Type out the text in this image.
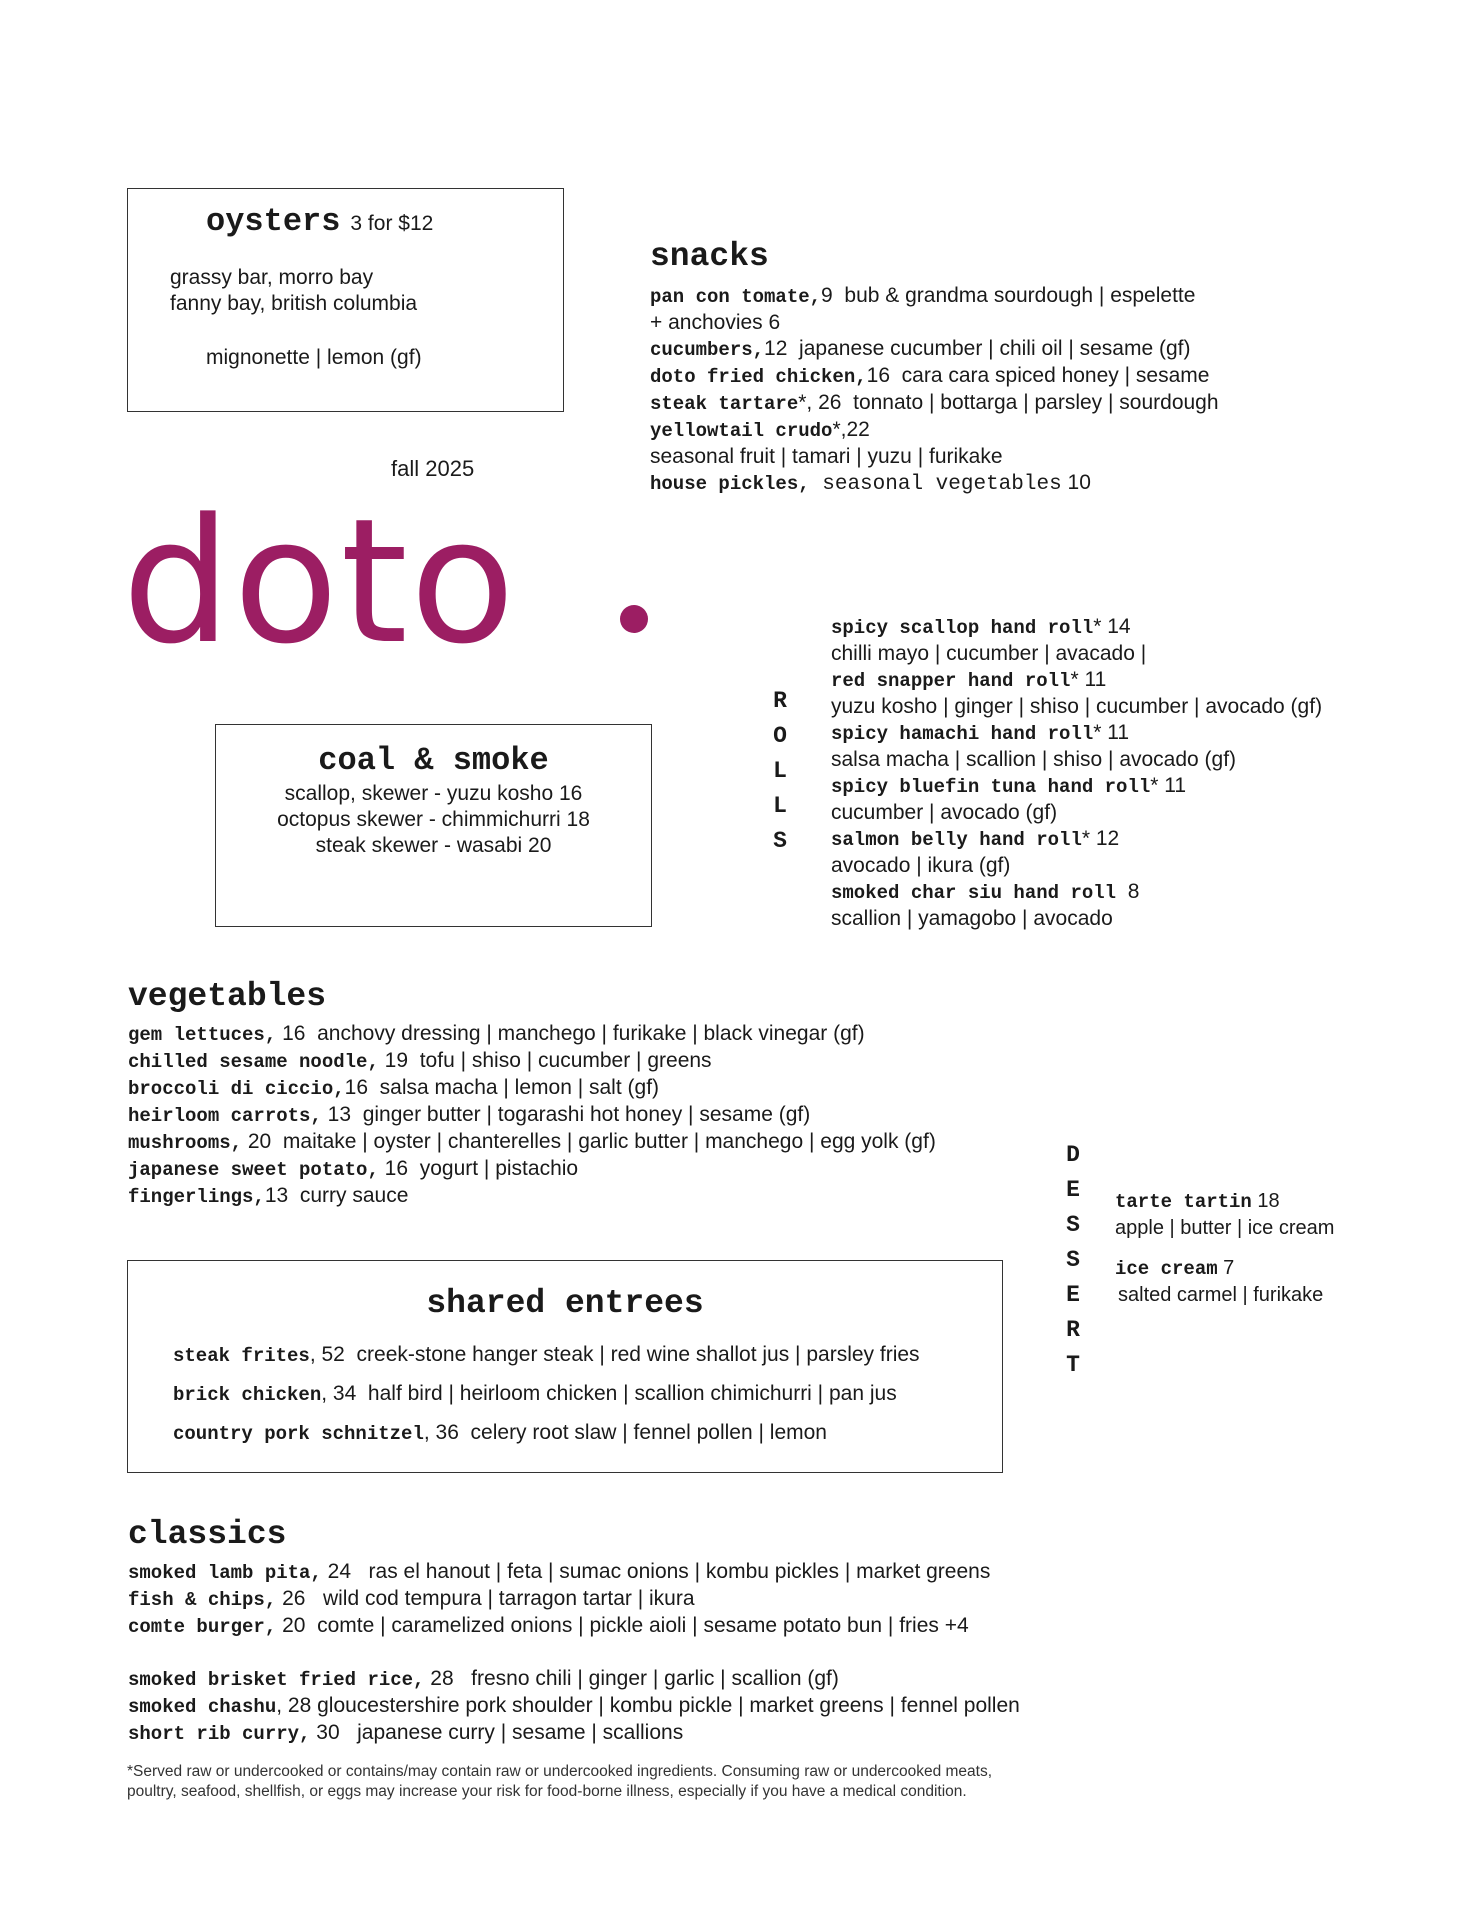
oysters 3 for $12
grassy bar, morro bay
fanny bay, british columbia
mignonette | lemon (gf)
fall 2025
doto
snacks
pan con tomate,9  bub & grandma sourdough | espelette
+ anchovies 6
cucumbers,12  japanese cucumber | chili oil | sesame (gf)
doto fried chicken,16  cara cara spiced honey | sesame
steak tartare*, 26  tonnato | bottarga | parsley | sourdough
yellowtail crudo*,22
seasonal fruit | tamari | yuzu | furikake
house pickles, seasonal vegetables 10
coal & smoke
scallop, skewer - yuzu kosho 16
octopus skewer - chimmichurri 18
steak skewer - wasabi 20
R
O
L
L
S
spicy scallop hand roll* 14
chilli mayo | cucumber | avacado |
red snapper hand roll* 11
yuzu kosho | ginger | shiso | cucumber | avocado (gf)
spicy hamachi hand roll* 11
salsa macha | scallion | shiso | avocado (gf)
spicy bluefin tuna hand roll* 11
cucumber | avocado (gf)
salmon belly hand roll* 12
avocado | ikura (gf)
smoked char siu hand roll  8
scallion | yamagobo | avocado
vegetables
gem lettuces, 16  anchovy dressing | manchego | furikake | black vinegar (gf)
chilled sesame noodle, 19  tofu | shiso | cucumber | greens
broccoli di ciccio,16  salsa macha | lemon | salt (gf)
heirloom carrots, 13  ginger butter | togarashi hot honey | sesame (gf)
mushrooms, 20  maitake | oyster | chanterelles | garlic butter | manchego | egg yolk (gf)
japanese sweet potato, 16  yogurt | pistachio
fingerlings,13  curry sauce
shared entrees
steak frites, 52  creek-stone hanger steak | red wine shallot jus | parsley fries
brick chicken, 34  half bird | heirloom chicken | scallion chimichurri | pan jus
country pork schnitzel, 36  celery root slaw | fennel pollen | lemon
D
E
S
S
E
R
T
tarte tartin 18
apple | butter | ice cream
ice cream 7
salted carmel | furikake
classics
smoked lamb pita, 24   ras el hanout | feta | sumac onions | kombu pickles | market greens
fish & chips, 26   wild cod tempura | tarragon tartar | ikura
comte burger, 20  comte | caramelized onions | pickle aioli | sesame potato bun | fries +4
smoked brisket fried rice, 28   fresno chili | ginger | garlic | scallion (gf)
smoked chashu, 28 gloucestershire pork shoulder | kombu pickle | market greens | fennel pollen
short rib curry, 30   japanese curry | sesame | scallions
*Served raw or undercooked or contains/may contain raw or undercooked ingredients. Consuming raw or undercooked meats,
poultry, seafood, shellfish, or eggs may increase your risk for food-borne illness, especially if you have a medical condition.
